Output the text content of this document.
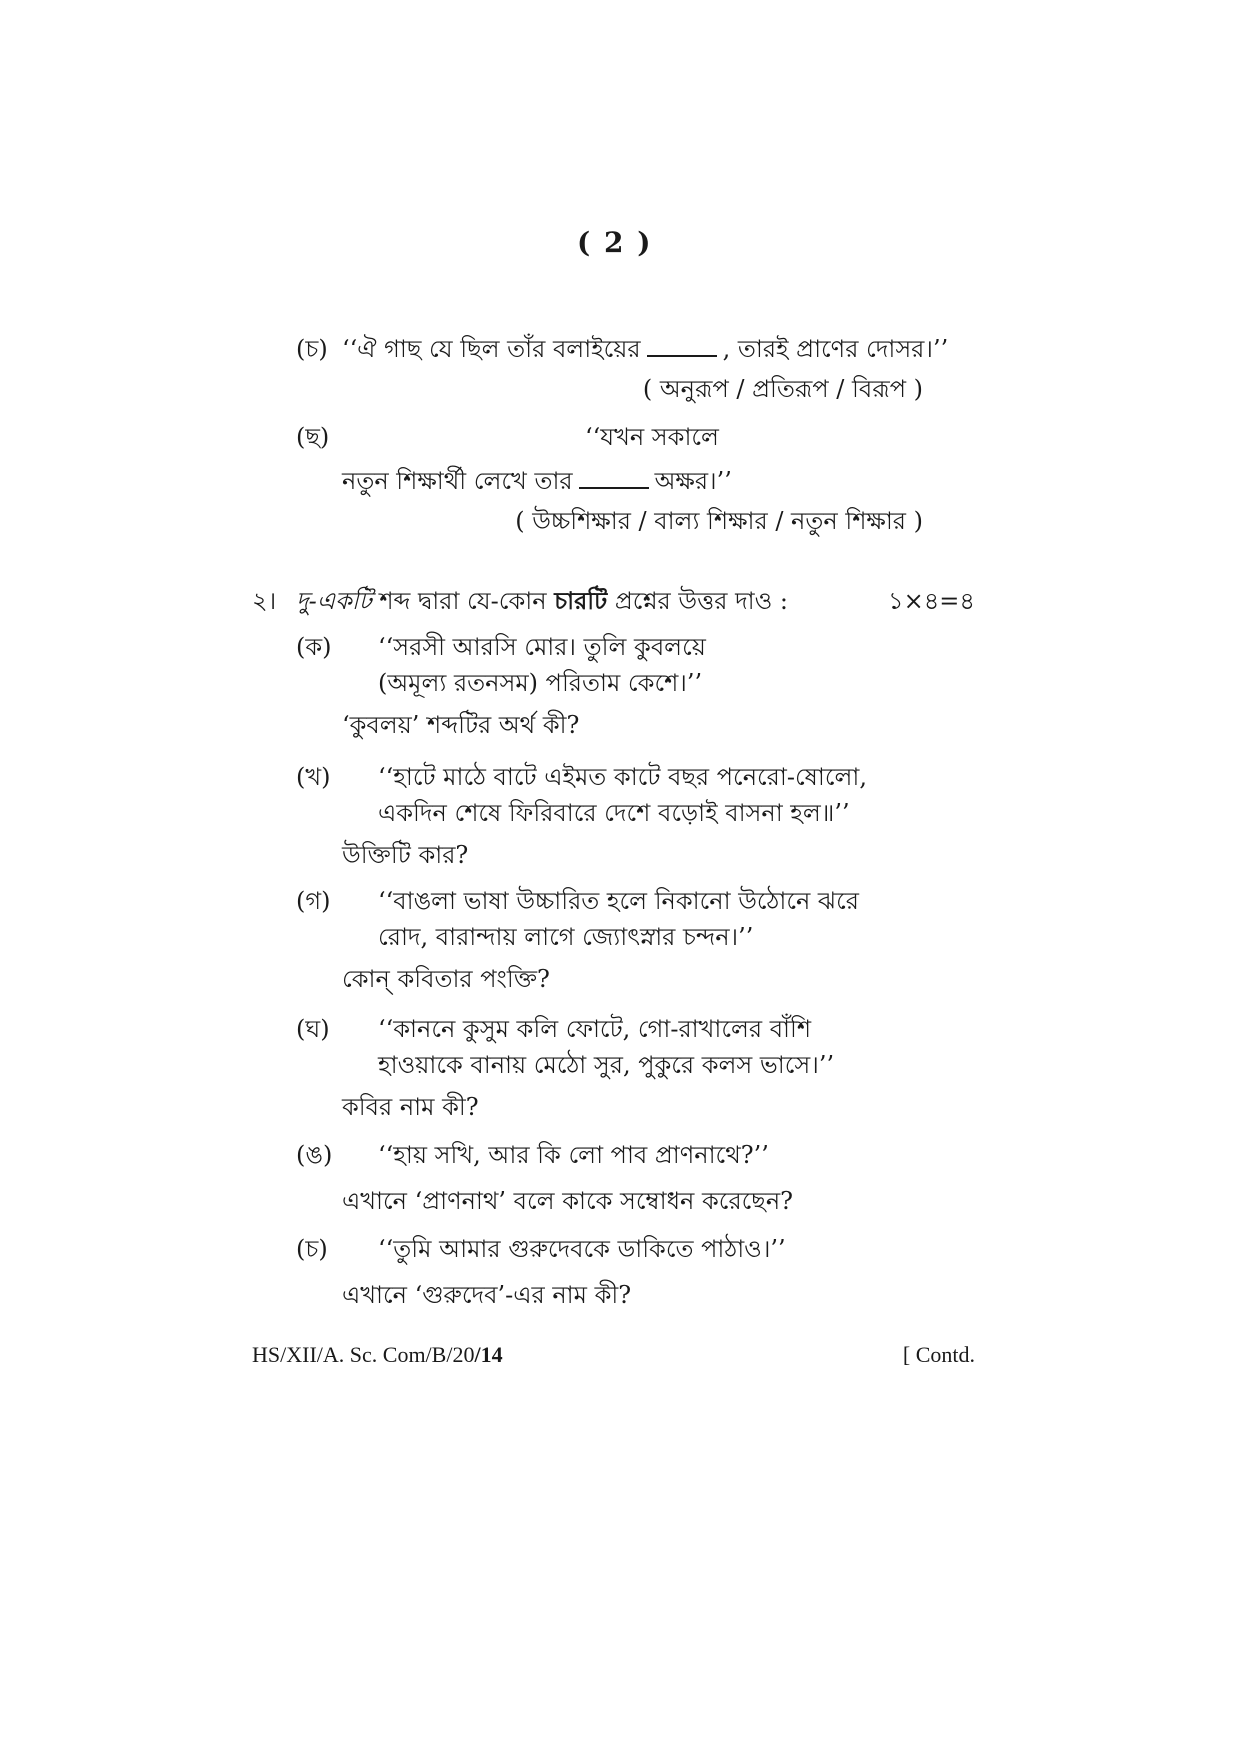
( 2 )
(চ) ‘‘ঐ গাছ যে ছিল তাঁর বলাইয়ের	, তারই প্রাণের দোসর।’’
( অনুরূপ / প্রতিরূপ / বিরূপ )
(ছ)	‘‘যখন সকালে
নতুন শিক্ষার্থী লেখে তার	অক্ষর।’’
( উচ্চশিক্ষার / বাল্য শিক্ষার / নতুন শিক্ষার )
২। দু-একটি শব্দ দ্বারা যে-কোন চারটি প্রশ্নের উত্তর দাও :	১×৪=৪
(ক) ‘‘সরসী আরসি মোর। তুলি কুবলয়ে
(অমূল্য রতনসম) পরিতাম কেশে।’’
‘কুবলয়’ শব্দটির অর্থ কী?
(খ) ‘‘হাটে মাঠে বাটে এইমত কাটে বছর পনেরো-ষোলো,
একদিন শেষে ফিরিবারে দেশে বড়োই বাসনা হল॥’’
উক্তিটি কার?
(গ) ‘‘বাঙলা ভাষা উচ্চারিত হলে নিকানো উঠোনে ঝরে
রোদ, বারান্দায় লাগে জ্যোৎস্নার চন্দন।’’
কোন্ কবিতার পংক্তি?
(ঘ) ‘‘কাননে কুসুম কলি ফোটে, গো-রাখালের বাঁশি
হাওয়াকে বানায় মেঠো সুর, পুকুরে কলস ভাসে।’’
কবির নাম কী?
(ঙ) ‘‘হায় সখি, আর কি লো পাব প্রাণনাথে?’’
এখানে ‘প্রাণনাথ’ বলে কাকে সম্বোধন করেছেন?
(চ) ‘‘তুমি আমার গুরুদেবকে ডাকিতে পাঠাও।’’
এখানে ‘গুরুদেব’-এর নাম কী?
HS/XII/A. Sc. Com/B/20/14	[ Contd.
